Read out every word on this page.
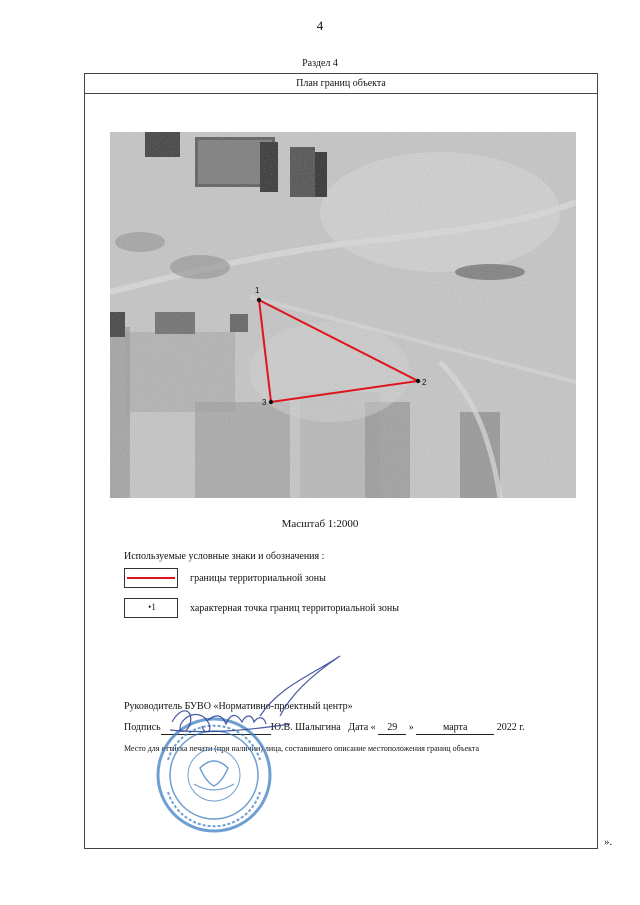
4
Раздел 4
План границ объекта
1
2
3
Масштаб 1:2000
Используемые условные знаки и обозначения :
границы территориальной зоны
•1	характерная точка границ территориальной зоны
Руководитель БУВО «Нормативно-проектный центр»
Подпись	Ю.В. Шалыгина Дата « 29 »	марта	2022 г.
Место для оттиска печати (при наличии) лица, составившего описание местоположения границ объекта
».
